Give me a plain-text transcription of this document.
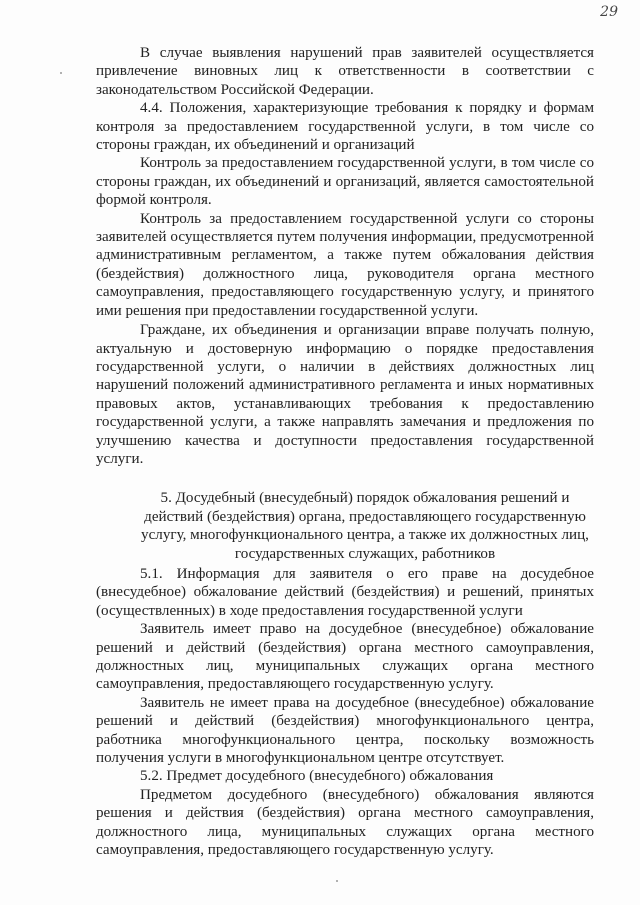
29

В случае выявления нарушений прав заявителей осуществляется привлечение виновных лиц к ответственности в соответствии с законодательством Российской Федерации.

4.4. Положения, характеризующие требования к порядку и формам контроля за предоставлением государственной услуги, в том числе со стороны граждан, их объединений и организаций

Контроль за предоставлением государственной услуги, в том числе со стороны граждан, их объединений и организаций, является самостоятельной формой контроля.

Контроль за предоставлением государственной услуги со стороны заявителей осуществляется путем получения информации, предусмотренной административным регламентом, а также путем обжалования действия (бездействия) должностного лица, руководителя органа местного самоуправления, предоставляющего государственную услугу, и принятого ими решения при предоставлении государственной услуги.

Граждане, их объединения и организации вправе получать полную, актуальную и достоверную информацию о порядке предоставления государственной услуги, о наличии в действиях должностных лиц нарушений положений административного регламента и иных нормативных правовых актов, устанавливающих требования к предоставлению государственной услуги, а также направлять замечания и предложения по улучшению качества и доступности предоставления государственной услуги.

5. Досудебный (внесудебный) порядок обжалования решений и
действий (бездействия) органа, предоставляющего государственную
услугу, многофункционального центра, а также их должностных лиц,
государственных служащих, работников

5.1. Информация для заявителя о его праве на досудебное (внесудебное) обжалование действий (бездействия) и решений, принятых (осуществленных) в ходе предоставления государственной услуги

Заявитель имеет право на досудебное (внесудебное) обжалование решений и действий (бездействия) органа местного самоуправления, должностных лиц, муниципальных служащих органа местного самоуправления, предоставляющего государственную услугу.

Заявитель не имеет права на досудебное (внесудебное) обжалование решений и действий (бездействия) многофункционального центра, работника многофункционального центра, поскольку возможность получения услуги в многофункциональном центре отсутствует.

5.2. Предмет досудебного (внесудебного) обжалования

Предметом досудебного (внесудебного) обжалования являются решения и действия (бездействия) органа местного самоуправления, должностного лица, муниципальных служащих органа местного самоуправления, предоставляющего государственную услугу.
